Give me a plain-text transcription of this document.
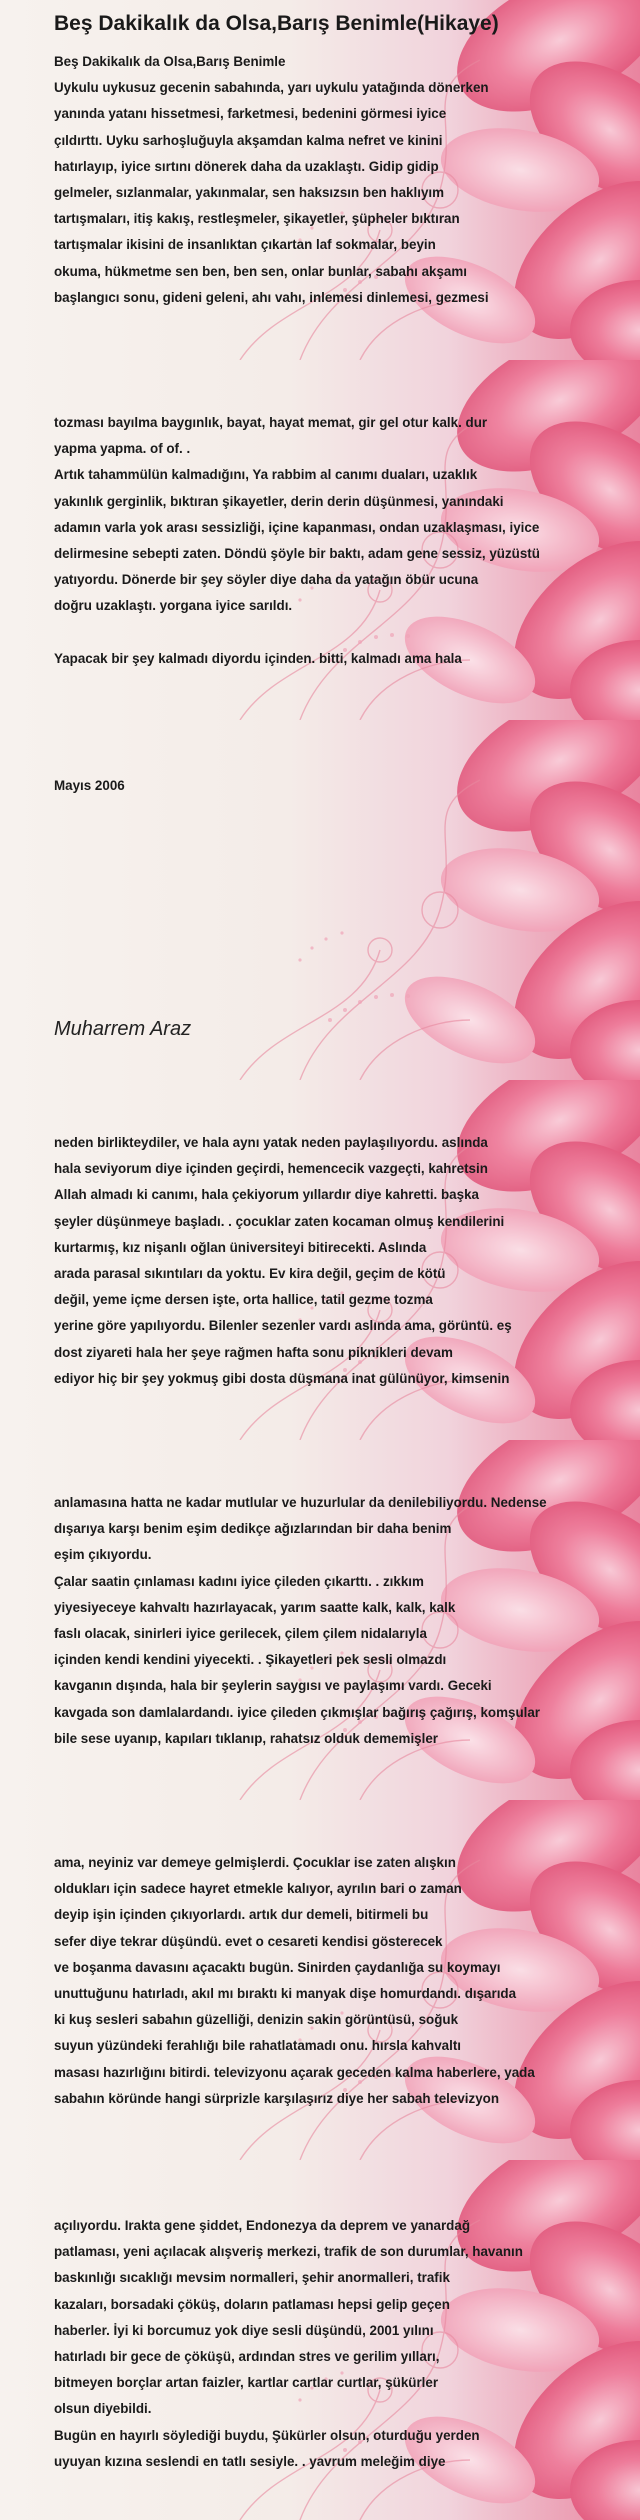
Beş Dakikalık da Olsa,Barış Benimle(Hikaye)
Beş Dakikalık da Olsa,Barış Benimle
Uykulu uykusuz gecenin sabahında, yarı uykulu yatağında dönerken
yanında yatanı hissetmesi, farketmesi, bedenini görmesi iyice
çıldırttı. Uyku sarhoşluğuyla akşamdan kalma nefret ve kinini
hatırlayıp, iyice sırtını dönerek daha da uzaklaştı. Gidip gidip
gelmeler, sızlanmalar, yakınmalar, sen haksızsın ben haklıyım
tartışmaları, itiş kakış, restleşmeler, şikayetler, şüpheler bıktıran
tartışmalar ikisini de insanlıktan çıkartan laf sokmalar, beyin
okuma, hükmetme sen ben, ben sen, onlar bunlar, sabahı akşamı
başlangıcı sonu, gideni geleni, ahı vahı, inlemesi dinlemesi, gezmesi
tozması bayılma baygınlık, bayat, hayat memat, gir gel otur kalk. dur
yapma yapma. of of. .
Artık tahammülün kalmadığını, Ya rabbim al canımı duaları, uzaklık
yakınlık gerginlik, bıktıran şikayetler, derin derin düşünmesi, yanındaki
adamın varla yok arası sessizliği, içine kapanması, ondan uzaklaşması, iyice
delirmesine sebepti zaten. Döndü şöyle bir baktı, adam gene sessiz, yüzüstü
yatıyordu. Dönerde bir şey söyler diye daha da yatağın öbür ucuna
doğru uzaklaştı. yorgana iyice sarıldı.
Yapacak bir şey kalmadı diyordu içinden. bitti, kalmadı ama hala
Mayıs 2006
Muharrem Araz
neden birlikteydiler, ve hala aynı yatak neden paylaşılıyordu. aslında
hala seviyorum diye içinden geçirdi, hemencecik vazgeçti, kahretsin
Allah almadı ki canımı, hala çekiyorum yıllardır diye kahretti. başka
şeyler düşünmeye başladı. . çocuklar zaten kocaman olmuş kendilerini
kurtarmış, kız nişanlı oğlan üniversiteyi bitirecekti. Aslında
arada parasal sıkıntıları da yoktu. Ev kira değil, geçim de kötü
değil, yeme içme dersen işte, orta hallice, tatil gezme tozma
yerine göre yapılıyordu. Bilenler sezenler vardı aslında ama, görüntü. eş
dost ziyareti hala her şeye rağmen hafta sonu piknikleri devam
ediyor hiç bir şey yokmuş gibi dosta düşmana inat gülünüyor, kimsenin
anlamasına hatta ne kadar mutlular ve huzurlular da denilebiliyordu. Nedense
dışarıya karşı benim eşim dedikçe ağızlarından bir daha benim
eşim çıkıyordu.
Çalar saatin çınlaması kadını iyice çileden çıkarttı. . zıkkım
yiyesiyeceye kahvaltı hazırlayacak, yarım saatte kalk, kalk, kalk
faslı olacak, sinirleri iyice gerilecek, çilem çilem nidalarıyla
içinden kendi kendini yiyecekti. . Şikayetleri pek sesli olmazdı
kavganın dışında, hala bir şeylerin saygısı ve paylaşımı vardı. Geceki
kavgada son damlalardandı. iyice çileden çıkmışlar bağırış çağırış, komşular
bile sese uyanıp, kapıları tıklanıp, rahatsız olduk dememişler
ama, neyiniz var demeye gelmişlerdi. Çocuklar ise zaten alışkın
oldukları için sadece hayret etmekle kalıyor, ayrılın bari o zaman
deyip işin içinden çıkıyorlardı. artık dur demeli, bitirmeli bu
sefer diye tekrar düşündü. evet o cesareti kendisi gösterecek
ve boşanma davasını açacaktı bugün. Sinirden çaydanlığa su koymayı
unuttuğunu hatırladı, akıl mı bıraktı ki manyak dişe homurdandı. dışarıda
ki kuş sesleri sabahın güzelliği, denizin sakin görüntüsü, soğuk
suyun yüzündeki ferahlığı bile rahatlatamadı onu. hırsla kahvaltı
masası hazırlığını bitirdi. televizyonu açarak geceden kalma haberlere, yada
sabahın köründe hangi sürprizle karşılaşırız diye her sabah televizyon
açılıyordu. Irakta gene şiddet, Endonezya da deprem ve yanardağ
patlaması, yeni açılacak alışveriş merkezi, trafik de son durumlar, havanın
baskınlığı sıcaklığı mevsim normalleri, şehir anormalleri, trafik
kazaları, borsadaki çöküş, doların patlaması hepsi gelip geçen
haberler. İyi ki borcumuz yok diye sesli düşündü, 2001 yılını
hatırladı bir gece de çöküşü, ardından stres ve gerilim yılları,
bitmeyen borçlar artan faizler, kartlar cartlar curtlar, şükürler
olsun diyebildi.
Bugün en hayırlı söylediği buydu, Şükürler olsun, oturduğu yerden
uyuyan kızına seslendi en tatlı sesiyle. . yavrum meleğim diye
